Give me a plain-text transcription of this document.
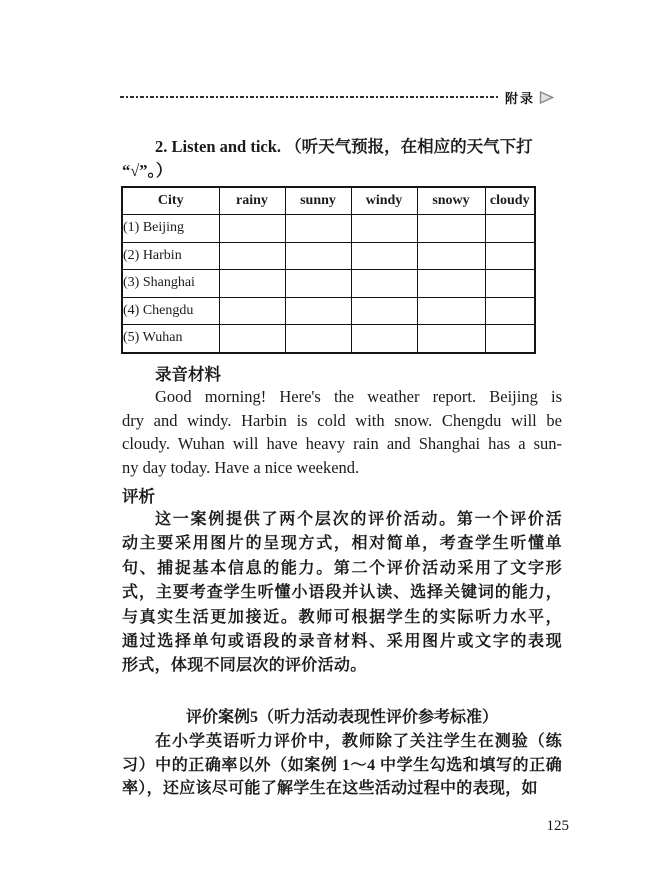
附录
2. Listen and tick. （听天气预报，在相应的天气下打
“√”。）
City	rainy	sunny	windy	snowy	cloudy
(1) Beijing					
(2) Harbin					
(3) Shanghai					
(4) Chengdu					
(5) Wuhan					
录音材料
Good morning! Here's the weather report. Beijing is
dry and windy. Harbin is cold with snow. Chengdu will be
cloudy. Wuhan will have heavy rain and Shanghai has a sun-
ny day today. Have a nice weekend.
评析
这一案例提供了两个层次的评价活动。第一个评价活
动主要采用图片的呈现方式，相对简单，考查学生听懂单
句、捕捉基本信息的能力。第二个评价活动采用了文字形
式，主要考查学生听懂小语段并认读、选择关键词的能力，
与真实生活更加接近。教师可根据学生的实际听力水平，
通过选择单句或语段的录音材料、采用图片或文字的表现
形式，体现不同层次的评价活动。
评价案例5（听力活动表现性评价参考标准）
在小学英语听力评价中，教师除了关注学生在测验（练
习）中的正确率以外（如案例 1～4 中学生勾选和填写的正确
率），还应该尽可能了解学生在这些活动过程中的表现，如
125
